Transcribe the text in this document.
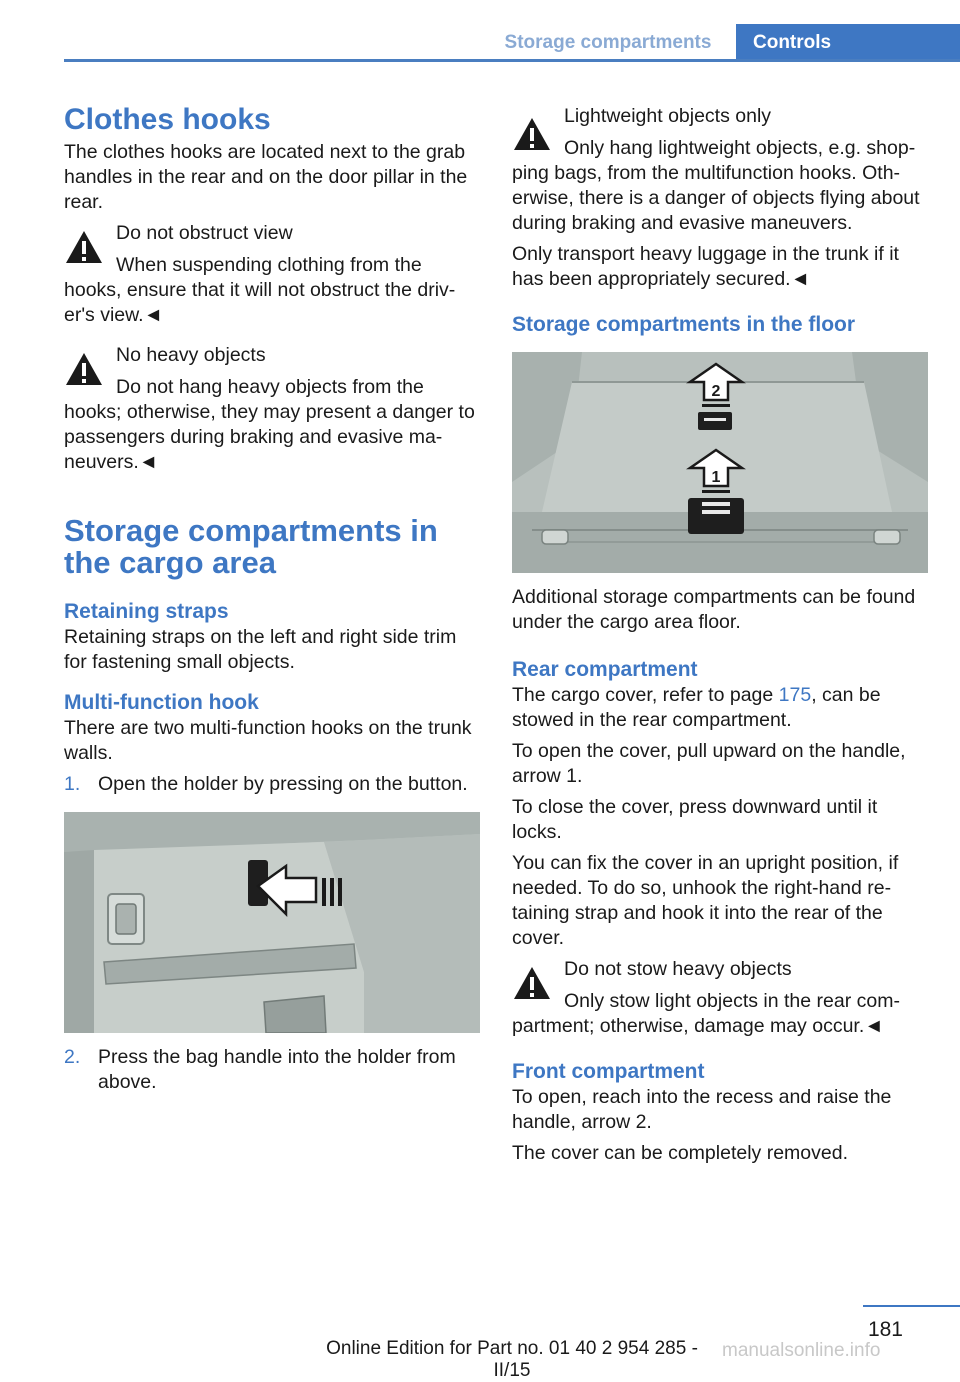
Storage compartments	Controls
Clothes hooks

The clothes hooks are located next to the grab handles in the rear and on the door pillar in the rear.

Do not obstruct view

When suspending clothing from the

hooks, ensure that it will not obstruct the driv‐er's view.◄

No heavy objects

Do not hang heavy objects from the

hooks; otherwise, they may present a danger to passengers during braking and evasive ma‐neuvers.◄

Storage compartments in the cargo area
Retaining straps

Retaining straps on the left and right side trim for fastening small objects.

Multi-function hook

There are two multi-function hooks on the trunk walls.

1. Open the holder by pressing on the button.
2. Press the bag handle into the holder from above.

Lightweight objects only

Only hang lightweight objects, e.g. shop‐

ping bags, from the multifunction hooks. Oth‐erwise, there is a danger of objects flying about during braking and evasive maneuvers.

Only transport heavy luggage in the trunk if it has been appropriately secured.◄

Storage compartments in the floor
2
1

Additional storage compartments can be found under the cargo area floor.

Rear compartment

The cargo cover, refer to page 175, can be stowed in the rear compartment.

To open the cover, pull upward on the handle, arrow 1.

To close the cover, press downward until it locks.

You can fix the cover in an upright position, if needed. To do so, unhook the right-hand re‐taining strap and hook it into the rear of the cover.

Do not stow heavy objects

Only stow light objects in the rear com‐

partment; otherwise, damage may occur.◄

Front compartment

To open, reach into the recess and raise the handle, arrow 2.

The cover can be completely removed.

181
Online Edition for Part no. 01 40 2 954 285 - II/15
manualsonline.info
